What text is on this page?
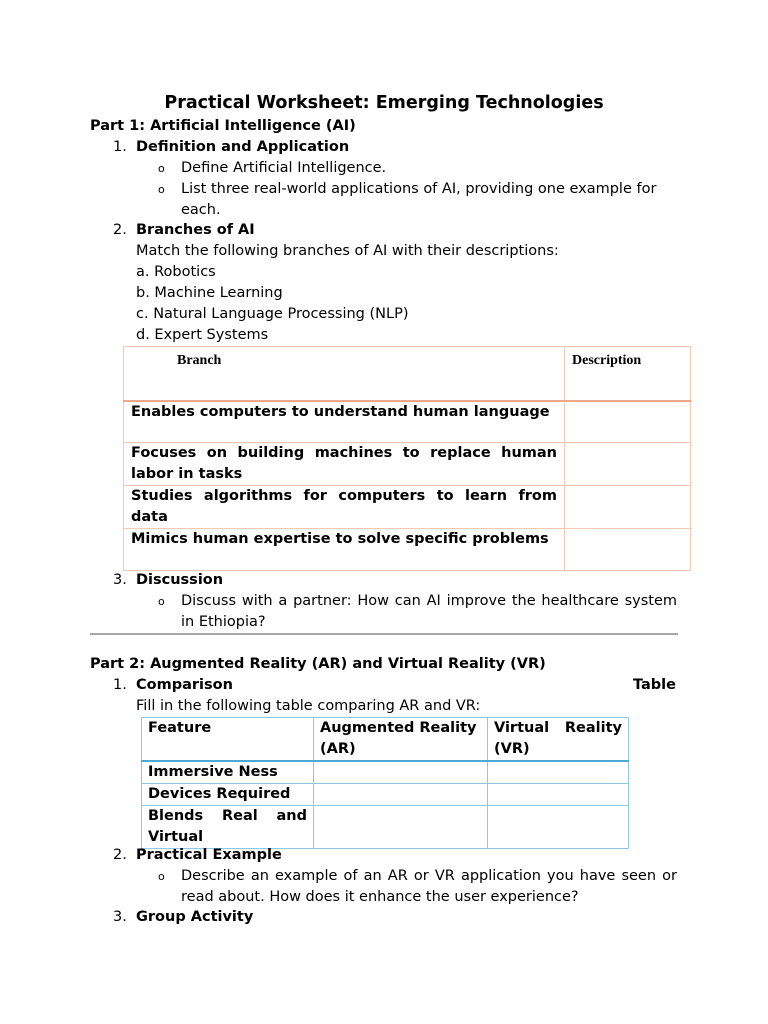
Practical Worksheet: Emerging Technologies
Part 1: Artificial Intelligence (AI)
1. Definition and Application
o Define Artificial Intelligence.
o List three real-world applications of AI, providing one example for
each.
2. Branches of AI
Match the following branches of AI with their descriptions:
a. Robotics
b. Machine Learning
c. Natural Language Processing (NLP)
d. Expert Systems
Branch	Description
Enables computers to understand human language	
Focuses on building machines to replace human labor in tasks	
Studies algorithms for computers to learn from data	
Mimics human expertise to solve specific problems	
3. Discussion
o Discuss with a partner: How can AI improve the healthcare system in Ethiopia?
Part 2: Augmented Reality (AR) and Virtual Reality (VR)
1. Comparison	Table
Fill in the following table comparing AR and VR:
Feature	Augmented Reality (AR)	Virtual Reality (VR)
Immersive Ness		
Devices Required		
Blends Real and Virtual		
2. Practical Example
o Describe an example of an AR or VR application you have seen or read about. How does it enhance the user experience?
3. Group Activity
